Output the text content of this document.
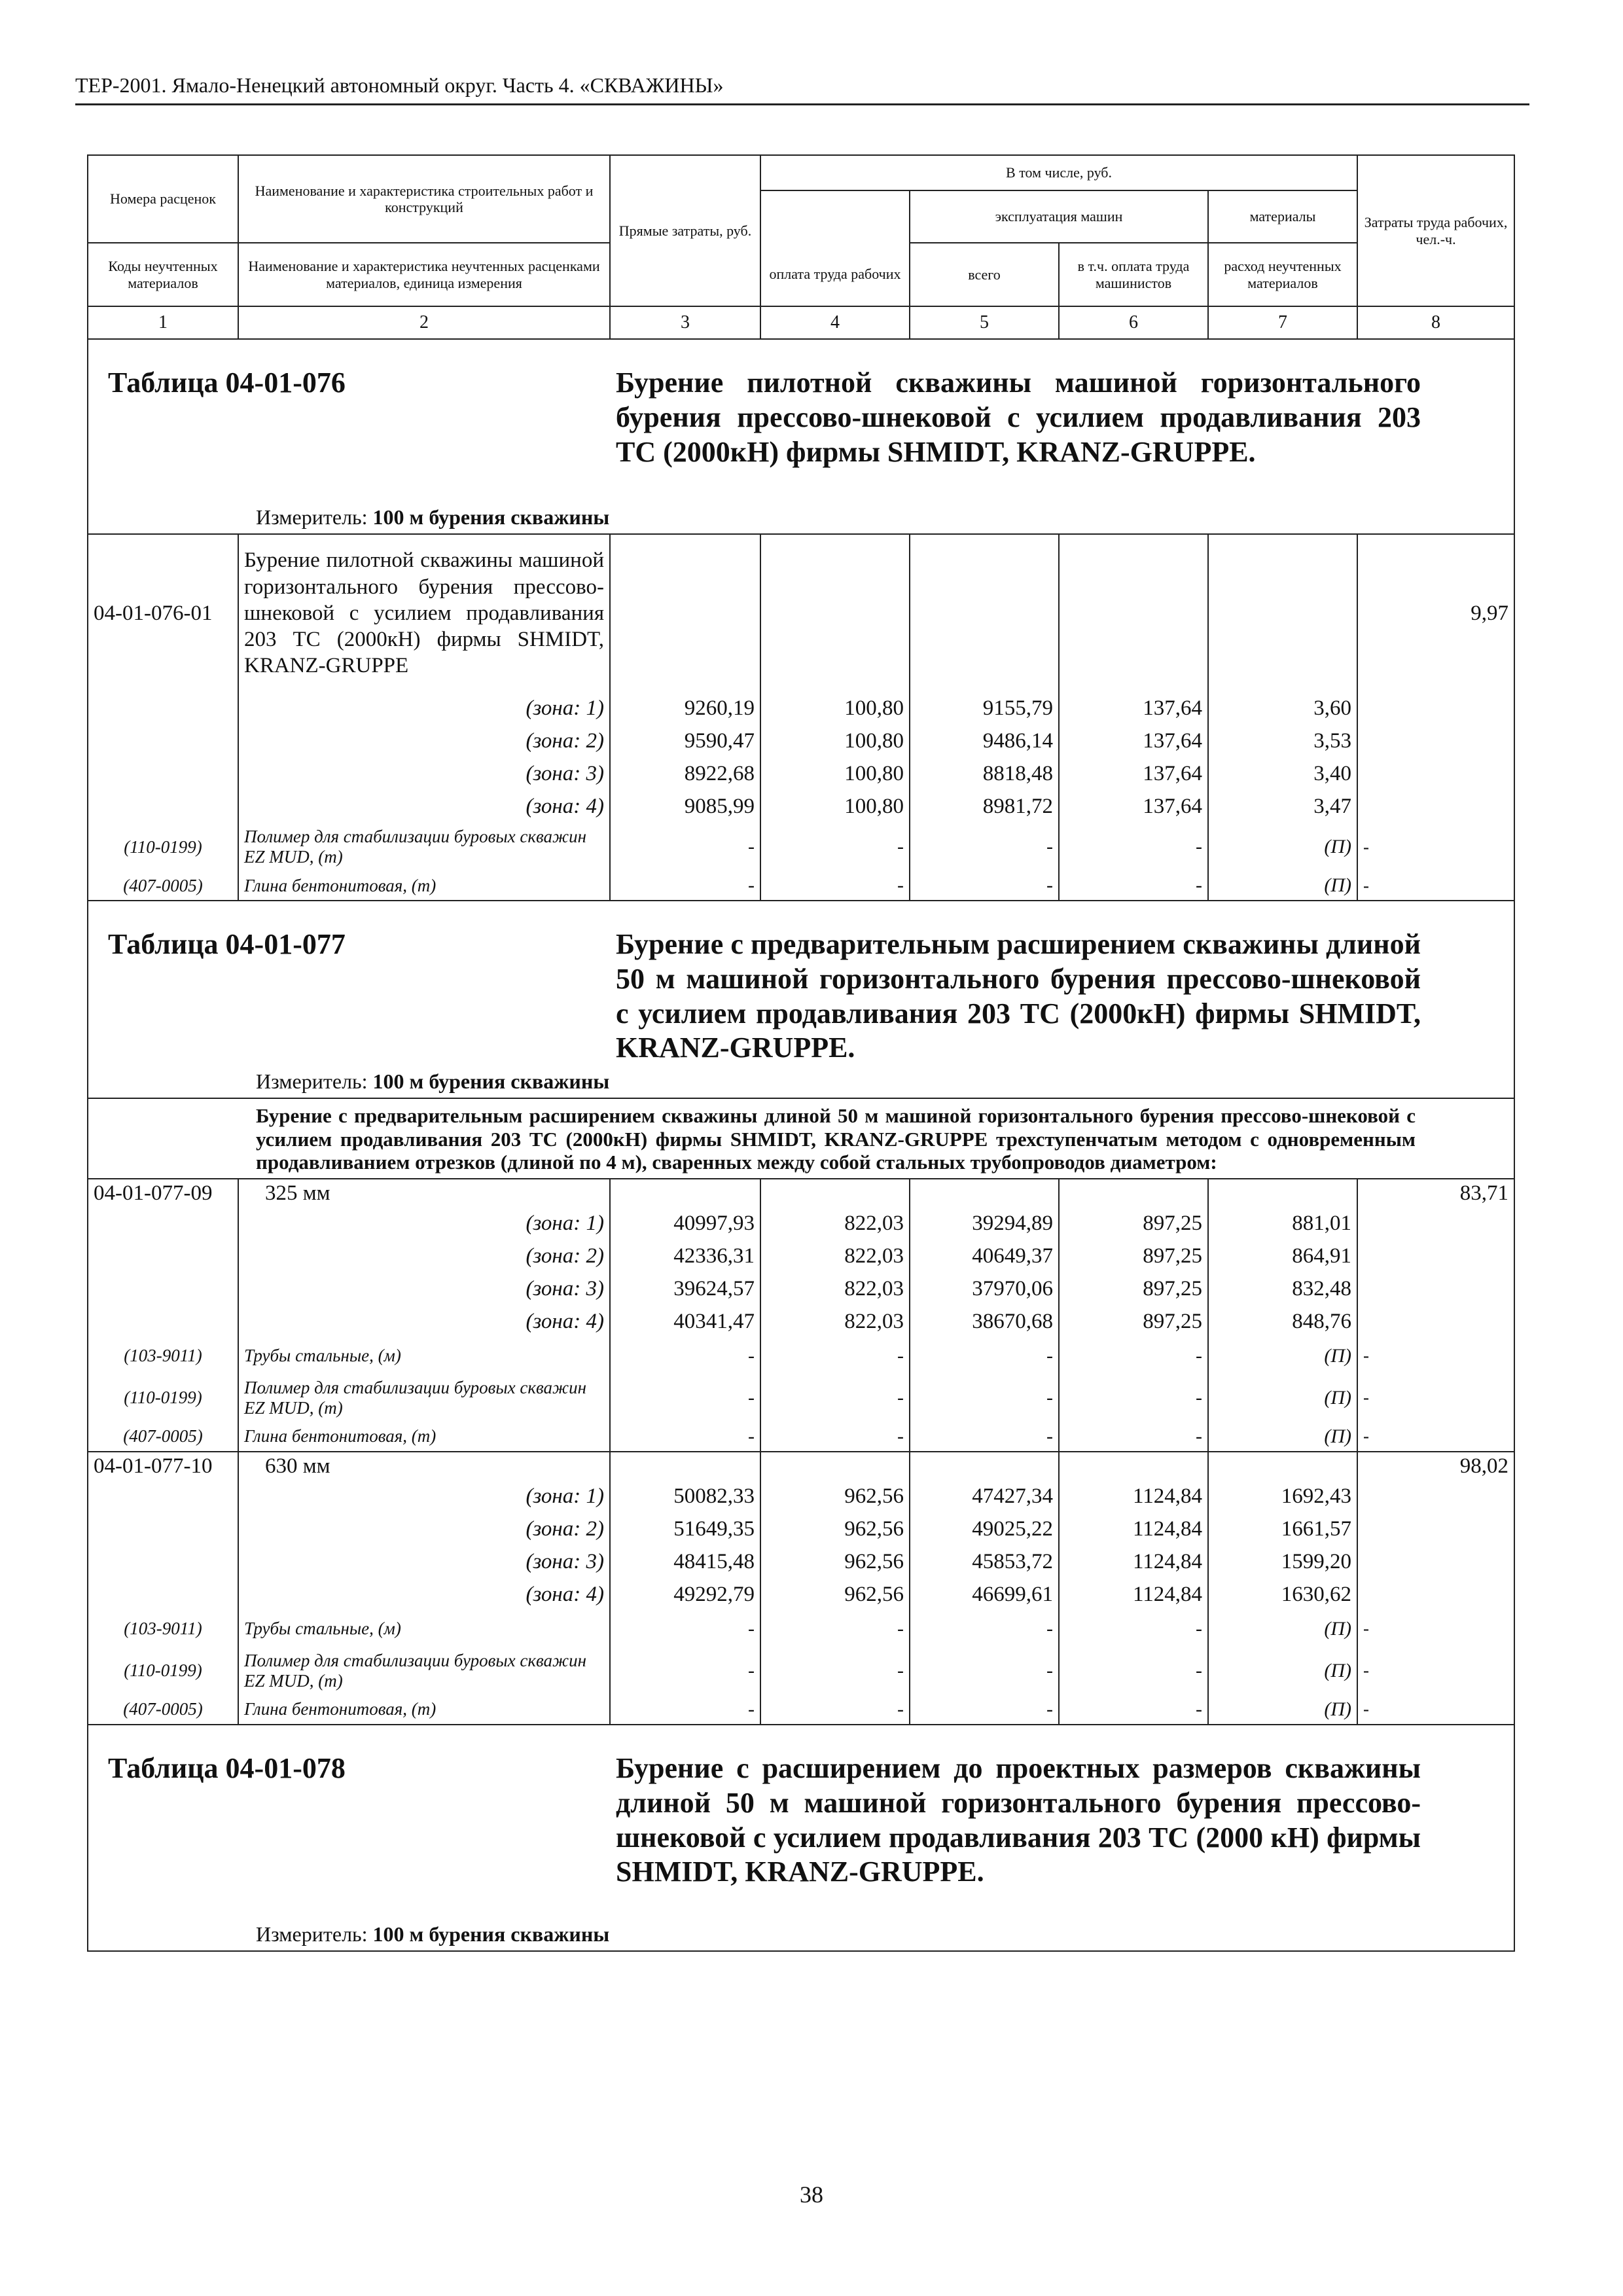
ТЕР-2001. Ямало-Ненецкий автономный округ. Часть 4. «СКВАЖИНЫ»
Номера расценок	Наименование и характеристика строительных работ и конструкций	Прямые затраты, руб.	В том числе, руб.				Затраты труда рабочих, чел.-ч.
				эксплуатация машин		материалы	
Коды неучтенных материалов	Наименование и характеристика неучтенных расценками материалов, единица измерения			всего	в т.ч. оплата труда машинистов	расход неучтенных материалов	
			оплата труда рабочих				
1	2	3	4	5	6	7	8

Таблица 04-01-076 Бурение пилотной скважины машиной горизонтального бурения прессово-шнековой с усилием продавливания 203 ТС (2000кН) фирмы SHMIDT, KRANZ-GRUPPE.
Измеритель: 100 м бурения скважины							

04-01-076-01	Бурение пилотной скважины машиной горизонтального бурения прессово-шнековой с усилием продавливания 203 ТС (2000кН) фирмы SHMIDT, KRANZ-GRUPPE						9,97
	(зона: 1)	9260,19	100,80	9155,79	137,64	3,60	
	(зона: 2)	9590,47	100,80	9486,14	137,64	3,53	
	(зона: 3)	8922,68	100,80	8818,48	137,64	3,40	
	(зона: 4)	9085,99	100,80	8981,72	137,64	3,47	
(110-0199)	Полимер для стабилизации буровых скважин EZ MUD, (т)	-	-	-	-	(П)	-
(407-0005)	Глина бентонитовая, (т)	-	-	-	-	(П)	-

Таблица 04-01-077 Бурение с предварительным расширением скважины длиной 50 м машиной горизонтального бурения прессово-шнековой с усилием продавливания 203 ТС (2000кН) фирмы SHMIDT, KRANZ-GRUPPE.
Измеритель: 100 м бурения скважины							

Бурение с предварительным расширением скважины длиной 50 м машиной горизонтального бурения прессово-шнековой с усилием продавливания 203 ТС (2000кН) фирмы SHMIDT, KRANZ-GRUPPE трехступенчатым методом с одновременным продавливанием отрезков (длиной по 4 м), сваренных между собой стальных трубопроводов диаметром:							

04-01-077-09	325 мм						83,71
	(зона: 1)	40997,93	822,03	39294,89	897,25	881,01	
	(зона: 2)	42336,31	822,03	40649,37	897,25	864,91	
	(зона: 3)	39624,57	822,03	37970,06	897,25	832,48	
	(зона: 4)	40341,47	822,03	38670,68	897,25	848,76	
(103-9011)	Трубы стальные, (м)	-	-	-	-	(П)	-
(110-0199)	Полимер для стабилизации буровых скважин EZ MUD, (т)	-	-	-	-	(П)	-
(407-0005)	Глина бентонитовая, (т)	-	-	-	-	(П)	-
04-01-077-10	630 мм						98,02
	(зона: 1)	50082,33	962,56	47427,34	1124,84	1692,43	
	(зона: 2)	51649,35	962,56	49025,22	1124,84	1661,57	
	(зона: 3)	48415,48	962,56	45853,72	1124,84	1599,20	
	(зона: 4)	49292,79	962,56	46699,61	1124,84	1630,62	
(103-9011)	Трубы стальные, (м)	-	-	-	-	(П)	-
(110-0199)	Полимер для стабилизации буровых скважин EZ MUD, (т)	-	-	-	-	(П)	-
(407-0005)	Глина бентонитовая, (т)	-	-	-	-	(П)	-

Таблица 04-01-078 Бурение с расширением до проектных размеров скважины длиной 50 м машиной горизонтального бурения прессово-шнековой с усилием продавливания 203 ТС (2000 кН) фирмы SHMIDT, KRANZ-GRUPPE.
Измеритель: 100 м бурения скважины							
38
